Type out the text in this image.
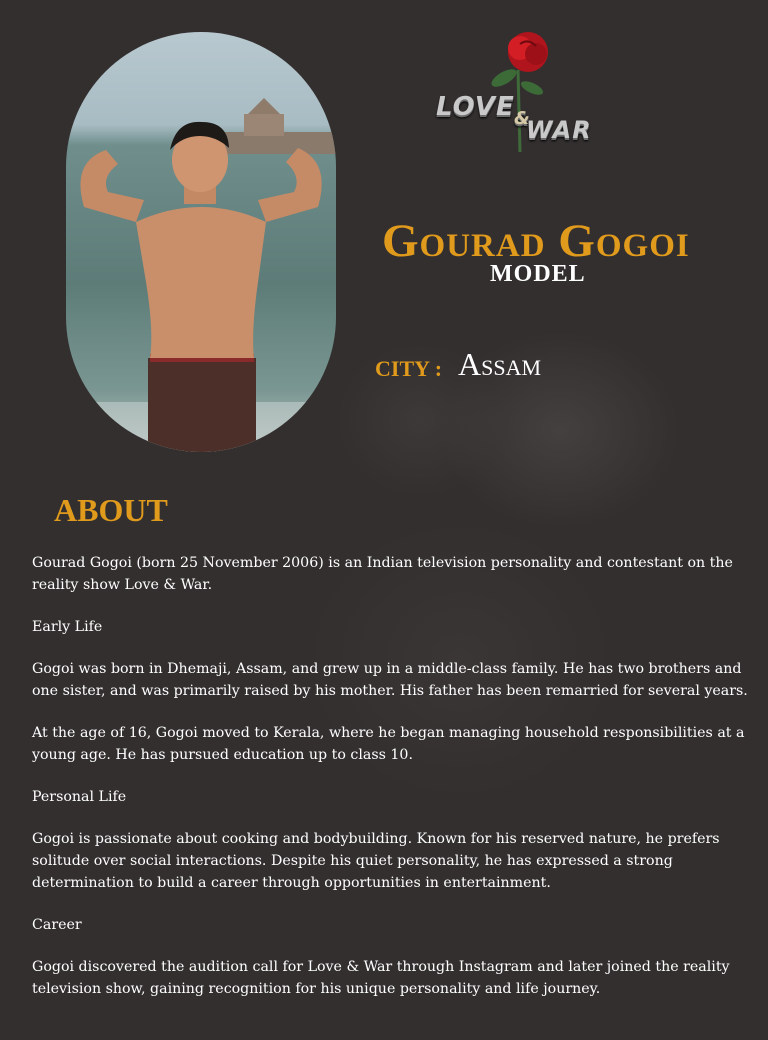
LOVE &
WAR
Gourad Gogoi
MODEL
CITY : Assam
ABOUT

Gourad Gogoi (born 25 November 2006) is an Indian television personality and contestant on the reality show Love & War.

Early Life

Gogoi was born in Dhemaji, Assam, and grew up in a middle-class family. He has two brothers and one sister, and was primarily raised by his mother. His father has been remarried for several years.

At the age of 16, Gogoi moved to Kerala, where he began managing household responsibilities at a young age. He has pursued education up to class 10.

Personal Life

Gogoi is passionate about cooking and bodybuilding. Known for his reserved nature, he prefers solitude over social interactions. Despite his quiet personality, he has expressed a strong determination to build a career through opportunities in entertainment.

Career

Gogoi discovered the audition call for Love & War through Instagram and later joined the reality television show, gaining recognition for his unique personality and life journey.
